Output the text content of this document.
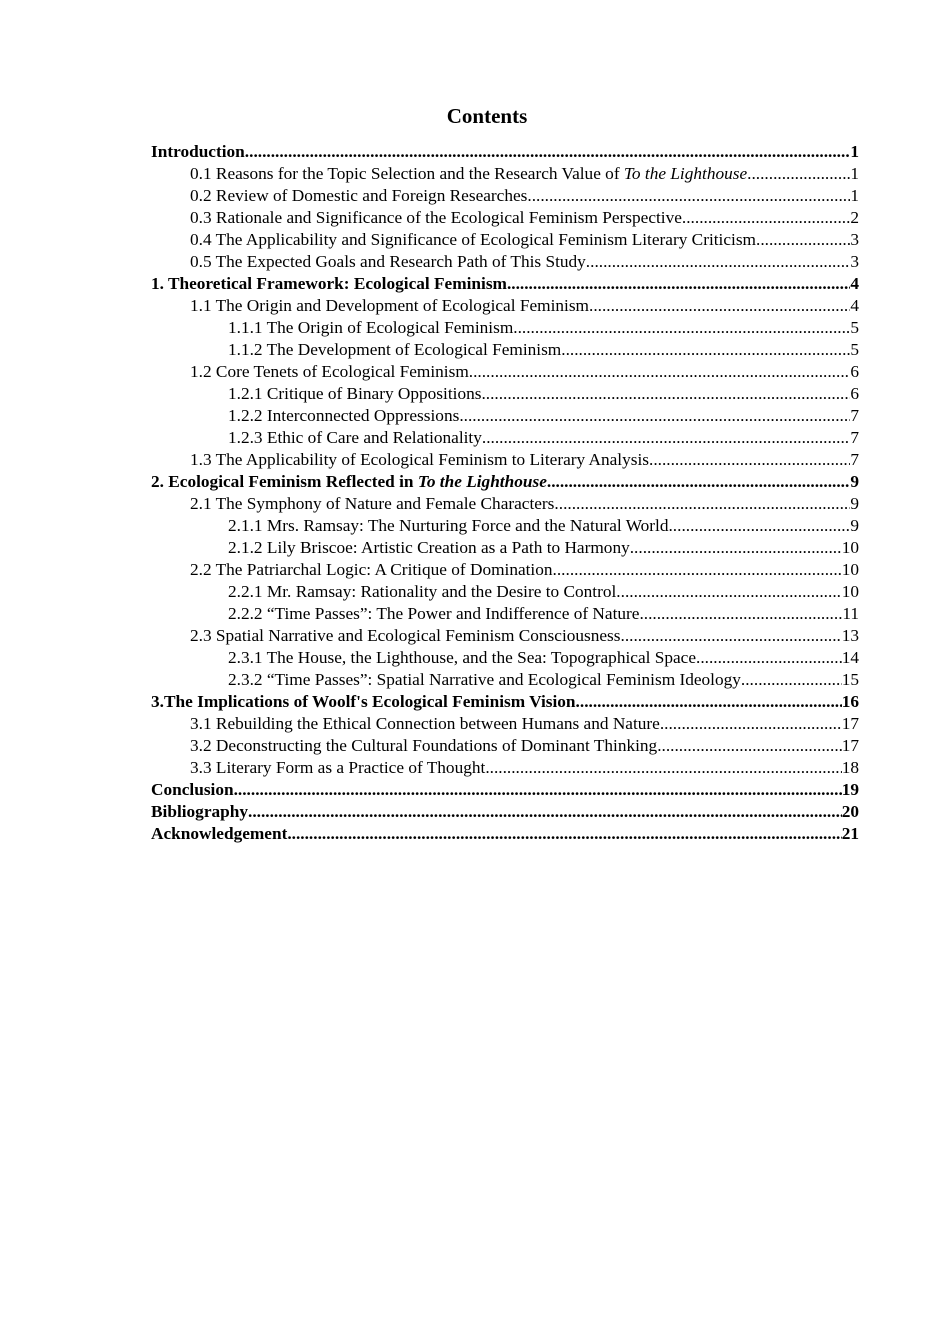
Contents
Introduction .....	1
0.1 Reasons for the Topic Selection and the Research Value of To the Lighthouse .....	1
0.2 Review of Domestic and Foreign Researches .....	1
0.3 Rationale and Significance of the Ecological Feminism Perspective .....	2
0.4 The Applicability and Significance of Ecological Feminism Literary Criticism .....	3
0.5 The Expected Goals and Research Path of This Study .....	3
1. Theoretical Framework: Ecological Feminism .....	4
1.1 The Origin and Development of Ecological Feminism .....	4
1.1.1 The Origin of Ecological Feminism .....	5
1.1.2 The Development of Ecological Feminism .....	5
1.2 Core Tenets of Ecological Feminism .....	6
1.2.1 Critique of Binary Oppositions .....	6
1.2.2 Interconnected Oppressions .....	7
1.2.3 Ethic of Care and Relationality .....	7
1.3 The Applicability of Ecological Feminism to Literary Analysis .....	7
2. Ecological Feminism Reflected in To the Lighthouse .....	9
2.1 The Symphony of Nature and Female Characters .....	9
2.1.1 Mrs. Ramsay: The Nurturing Force and the Natural World .....	9
2.1.2 Lily Briscoe: Artistic Creation as a Path to Harmony .....	10
2.2 The Patriarchal Logic: A Critique of Domination .....	10
2.2.1 Mr. Ramsay: Rationality and the Desire to Control .....	10
2.2.2 “Time Passes”: The Power and Indifference of Nature .....	11
2.3 Spatial Narrative and Ecological Feminism Consciousness .....	13
2.3.1 The House, the Lighthouse, and the Sea: Topographical Space .....	14
2.3.2 “Time Passes”: Spatial Narrative and Ecological Feminism Ideology .....	15
3.The Implications of Woolf's Ecological Feminism Vision .....	16
3.1 Rebuilding the Ethical Connection between Humans and Nature .....	17
3.2 Deconstructing the Cultural Foundations of Dominant Thinking .....	17
3.3 Literary Form as a Practice of Thought .....	18
Conclusion .....	19
Bibliography .....	20
Acknowledgement .....	21
